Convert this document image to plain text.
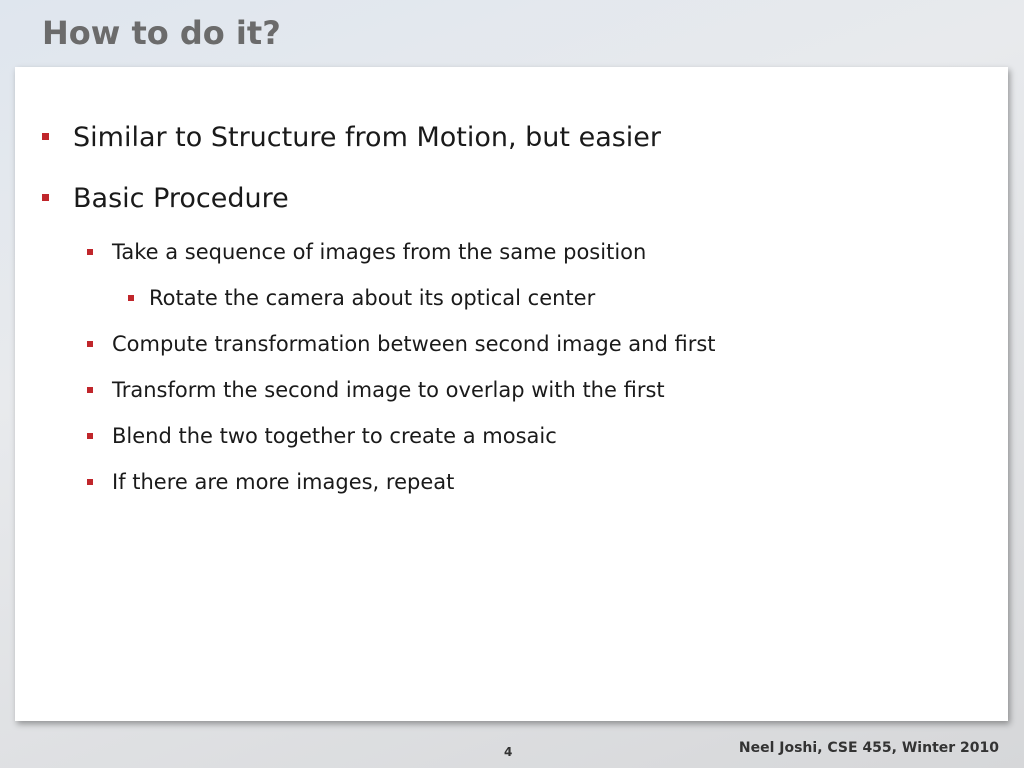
How to do it?
Similar to Structure from Motion, but easier
Basic Procedure
Take a sequence of images from the same position
Rotate the camera about its optical center
Compute transformation between second image and first
Transform the second image to overlap with the first
Blend the two together to create a mosaic
If there are more images, repeat
4	Neel Joshi, CSE 455, Winter 2010
